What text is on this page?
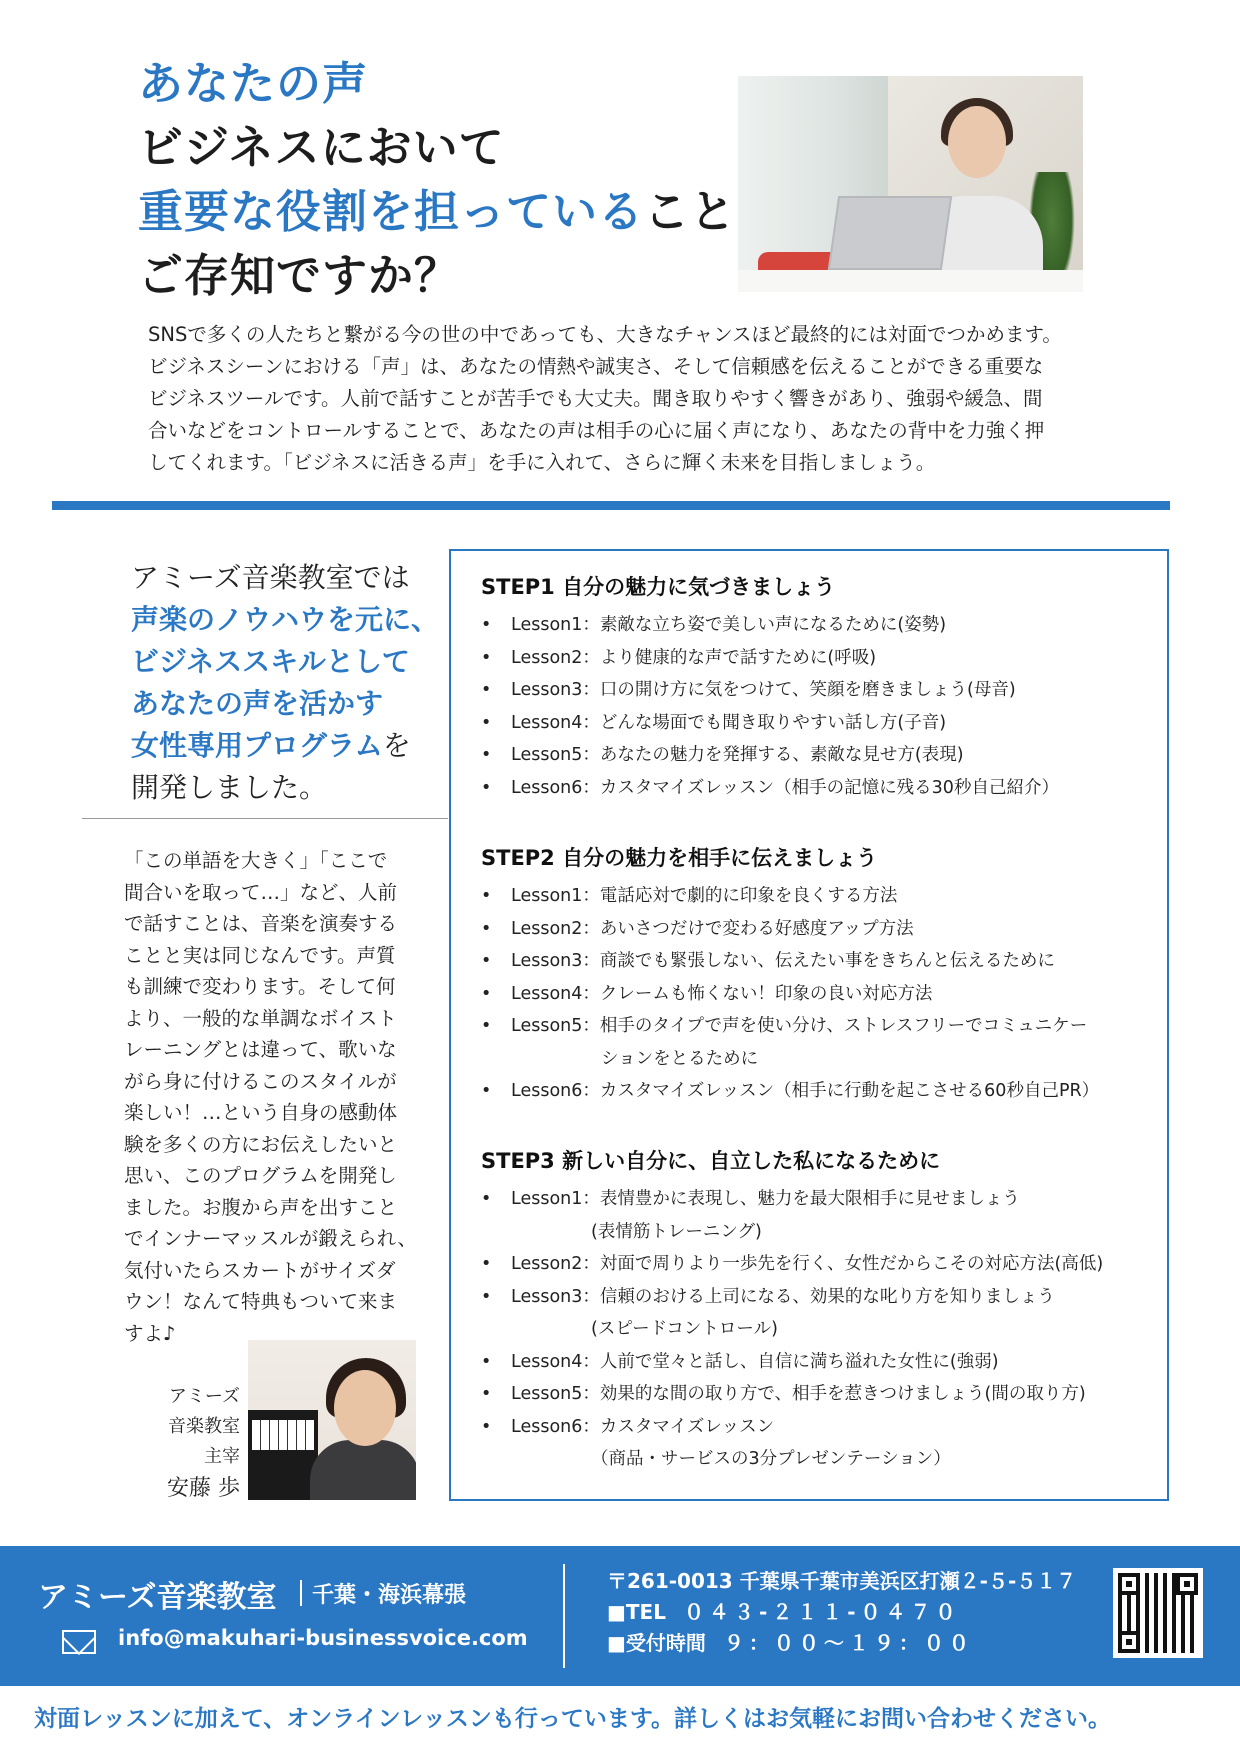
あなたの声
ビジネスにおいて
重要な役割を担っていること
ご存知ですか？
SNSで多くの人たちと繋がる今の世の中であっても、大きなチャンスほど最終的には対面でつかめます。
ビジネスシーンにおける「声」は、あなたの情熱や誠実さ、そして信頼感を伝えることができる重要な
ビジネスツールです。人前で話すことが苦手でも大丈夫。聞き取りやすく響きがあり、強弱や緩急、間
合いなどをコントロールすることで、あなたの声は相手の心に届く声になり、あなたの背中を力強く押
してくれます。「ビジネスに活きる声」を手に入れて、さらに輝く未来を目指しましょう。
アミーズ音楽教室では
声楽のノウハウを元に、
ビジネススキルとして
あなたの声を活かす
女性専用プログラムを
開発しました。
「この単語を大きく」「ここで
間合いを取って…」など、人前
で話すことは、音楽を演奏する
ことと実は同じなんです。声質
も訓練で変わります。そして何
より、一般的な単調なボイスト
レーニングとは違って、歌いな
がら身に付けるこのスタイルが
楽しい！…という自身の感動体
験を多くの方にお伝えしたいと
思い、このプログラムを開発し
ました。お腹から声を出すこと
でインナーマッスルが鍛えられ、
気付いたらスカートがサイズダ
ウン！なんて特典もついて来ま
すよ♪
アミーズ
音楽教室
主宰
安藤 歩
STEP1 自分の魅力に気づきましょう
• Lesson1：素敵な立ち姿で美しい声になるために(姿勢)
• Lesson2：より健康的な声で話すために(呼吸)
• Lesson3：口の開け方に気をつけて、笑顔を磨きましょう(母音)
• Lesson4：どんな場面でも聞き取りやすい話し方(子音)
• Lesson5：あなたの魅力を発揮する、素敵な見せ方(表現)
• Lesson6：カスタマイズレッスン（相手の記憶に残る30秒自己紹介）
STEP2 自分の魅力を相手に伝えましょう
• Lesson1：電話応対で劇的に印象を良くする方法
• Lesson2：あいさつだけで変わる好感度アップ方法
• Lesson3：商談でも緊張しない、伝えたい事をきちんと伝えるために
• Lesson4：クレームも怖くない！印象の良い対応方法
• Lesson5：相手のタイプで声を使い分け、ストレスフリーでコミュニケー
ションをとるために
• Lesson6：カスタマイズレッスン（相手に行動を起こさせる60秒自己PR）
STEP3 新しい自分に、自立した私になるために
• Lesson1：表情豊かに表現し、魅力を最大限相手に見せましょう
(表情筋トレーニング)
• Lesson2：対面で周りより一歩先を行く、女性だからこその対応方法(高低)
• Lesson3：信頼のおける上司になる、効果的な叱り方を知りましょう
(スピードコントロール)
• Lesson4：人前で堂々と話し、自信に満ち溢れた女性に(強弱)
• Lesson5：効果的な間の取り方で、相手を惹きつけましょう(間の取り方)
• Lesson6：カスタマイズレッスン
（商品・サービスの3分プレゼンテーション）
アミーズ音楽教室 千葉・海浜幕張
info@makuhari-businessvoice.com
〒261-0013 千葉県千葉市美浜区打瀬２-５-５１７
■TEL ０４３-２１１-０４７０
■受付時間 ９：００〜１９：００
対面レッスンに加えて、オンラインレッスンも行っています。詳しくはお気軽にお問い合わせください。
